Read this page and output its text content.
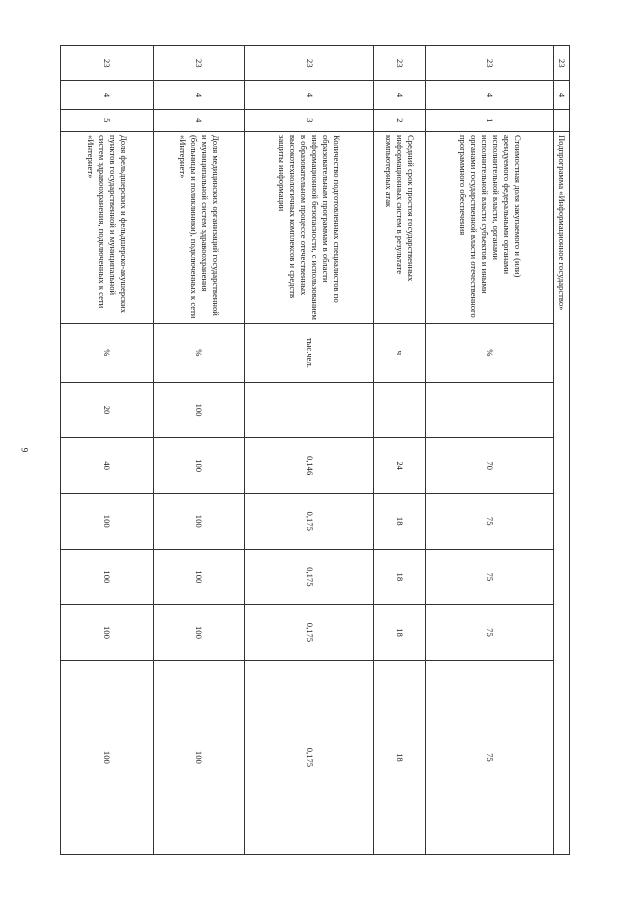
9
23	4		Подпрограмма «Информационное государство»							
23	4	1	Стоимостная доля закупаемого и (или) арендуемого федеральными органами исполнительной власти, органами исполнительной власти субъектов и иными органами государственной власти отечественного программного обеспечения	%		70	75	75	75	75
23	4	2	Средний срок простоя государственных информационных систем в результате компьютерных атак	ч		24	18	18	18	18
23	4	3	Количество подготовленных специалистов по образовательным программам в области информационной безопасности, с использованием в образовательном процессе отечественных высокотехнологичных комплексов и средств защиты информации	тыс.чел.		0,146	0,175	0,175	0,175	0,175
23	4	4	Доля медицинских организаций государственной и муниципальной систем здравоохранения (больницы и поликлиники), подключенных к сети «Интернет»	%	100	100	100	100	100	100
23	4	5	Доля фельдшерских и фельдшерско-акушерских пунктов государственной и муниципальной систем здравоохранения, подключенных к сети «Интернет»	%	20	40	100	100	100	100
